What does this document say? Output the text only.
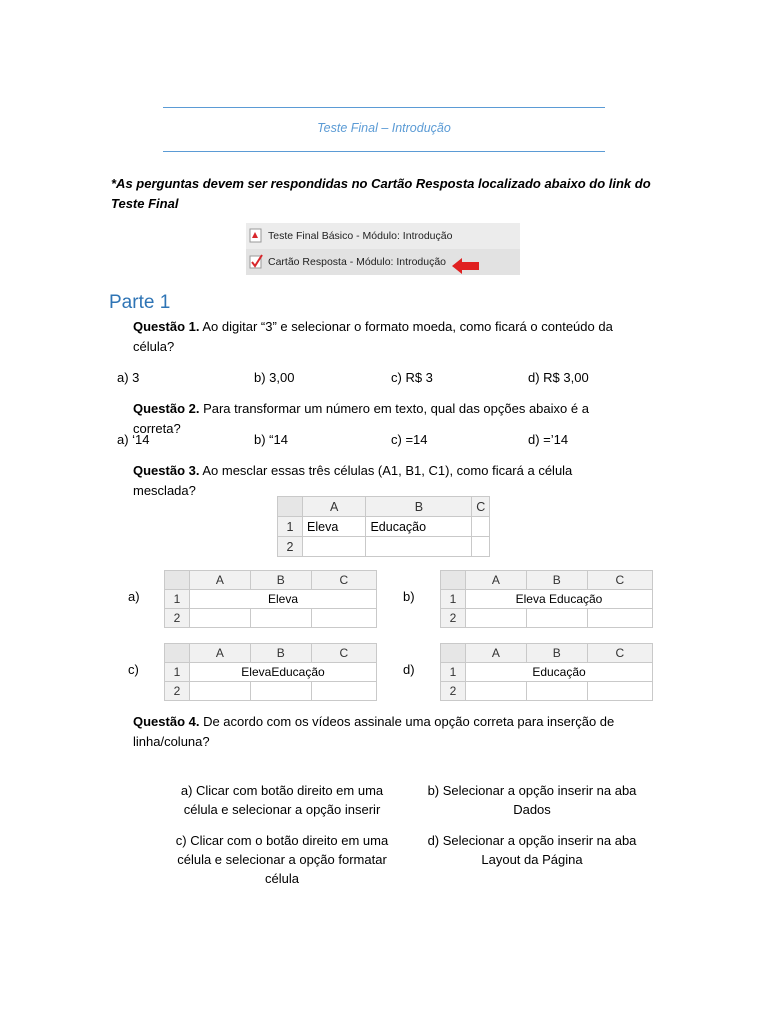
Teste Final – Introdução
*As perguntas devem ser respondidas no Cartão Resposta localizado abaixo do link do Teste Final
Teste Final Básico - Módulo: Introdução
Cartão Resposta - Módulo: Introdução
Parte 1
Questão 1. Ao digitar “3” e selecionar o formato moeda, como ficará o conteúdo da célula?
a) 3	b) 3,00	c) R$ 3	d) R$ 3,00
Questão 2. Para transformar um número em texto, qual das opções abaixo é a correta?
a) ‘14	b) “14	c) =14	d) =’14
Questão 3. Ao mesclar essas três células (A1, B1, C1), como ficará a célula mesclada?
	A	B	C
1	Eleva	Educação	
2			
a)
	A	B	C
1	Eleva		
2			
b)
	A	B	C
1	Eleva Educação		
2			
c)
	A	B	C
1	ElevaEducação		
2			
d)
	A	B	C
1	Educação		
2			
Questão 4. De acordo com os vídeos assinale uma opção correta para inserção de linha/coluna?
a) Clicar com botão direito em uma célula e selecionar a opção inserir
b) Selecionar a opção inserir na aba Dados
c) Clicar com o botão direito em uma célula e selecionar a opção formatar célula
d) Selecionar a opção inserir na aba Layout da Página
